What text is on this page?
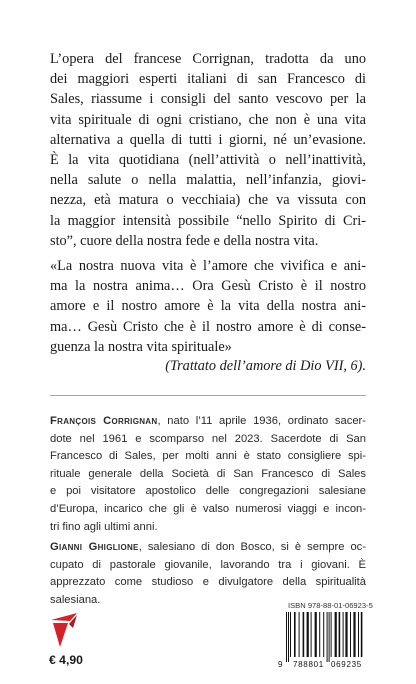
L’opera del francese Corrignan, tradotta da uno
dei maggiori esperti italiani di san Francesco di
Sales, riassume i consigli del santo vescovo per la
vita spirituale di ogni cristiano, che non è una vita
alternativa a quella di tutti i giorni, né un’evasione.
È la vita quotidiana (nell’attività o nell’inattività,
nella salute o nella malattia, nell’infanzia, giovi-
nezza, età matura o vecchiaia) che va vissuta con
la maggior intensità possibile “nello Spirito di Cri-
sto”, cuore della nostra fede e della nostra vita.
«La nostra nuova vita è l’amore che vivifica e ani-
ma la nostra anima… Ora Gesù Cristo è il nostro
amore e il nostro amore è la vita della nostra ani-
ma… Gesù Cristo che è il nostro amore è di conse-
guenza la nostra vita spirituale»
(Trattato dell’amore di Dio VII, 6).
François Corrignan, nato l’11 aprile 1936, ordinato sacer-
dote nel 1961 e scomparso nel 2023. Sacerdote di San
Francesco di Sales, per molti anni è stato consigliere spi-
rituale generale della Società di San Francesco di Sales
e poi visitatore apostolico delle congregazioni salesiane
d’Europa, incarico che gli è valso numerosi viaggi e incon-
tri fino agli ultimi anni.
Gianni Ghiglione, salesiano di don Bosco, si è sempre oc-
cupato di pastorale giovanile, lavorando tra i giovani. È
apprezzato come studioso e divulgatore della spiritualità
salesiana.
€ 4,90
ISBN 978-88-01-06923-5
9 788801 069235
